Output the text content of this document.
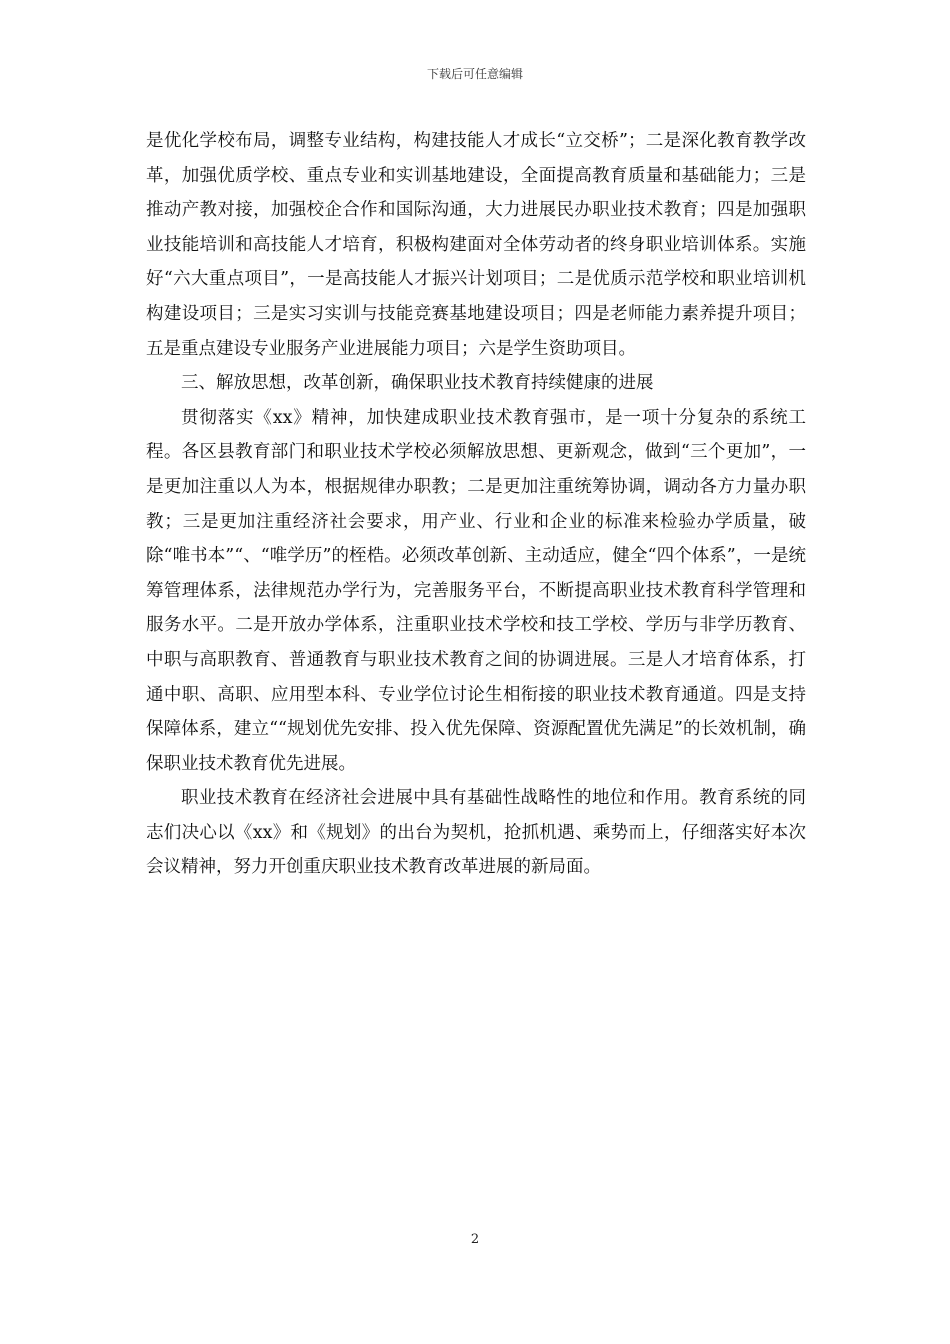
下载后可任意编辑

是优化学校布局，调整专业结构，构建技能人才成长“立交桥”；二是深化教育教学改革，加强优质学校、重点专业和实训基地建设，全面提高教育质量和基础能力；三是推动产教对接，加强校企合作和国际沟通，大力进展民办职业技术教育；四是加强职业技能培训和高技能人才培育，积极构建面对全体劳动者的终身职业培训体系。实施好“六大重点项目”，一是高技能人才振兴计划项目；二是优质示范学校和职业培训机构建设项目；三是实习实训与技能竞赛基地建设项目；四是老师能力素养提升项目；五是重点建设专业服务产业进展能力项目；六是学生资助项目。

三、解放思想，改革创新，确保职业技术教育持续健康的进展

贯彻落实《xx》精神，加快建成职业技术教育强市，是一项十分复杂的系统工程。各区县教育部门和职业技术学校必须解放思想、更新观念，做到“三个更加”，一是更加注重以人为本，根据规律办职教；二是更加注重统筹协调，调动各方力量办职教；三是更加注重经济社会要求，用产业、行业和企业的标准来检验办学质量，破除“唯书本”“、“唯学历”的桎梏。必须改革创新、主动适应，健全“四个体系”，一是统筹管理体系，法律规范办学行为，完善服务平台，不断提高职业技术教育科学管理和服务水平。二是开放办学体系，注重职业技术学校和技工学校、学历与非学历教育、中职与高职教育、普通教育与职业技术教育之间的协调进展。三是人才培育体系，打通中职、高职、应用型本科、专业学位讨论生相衔接的职业技术教育通道。四是支持保障体系，建立““规划优先安排、投入优先保障、资源配置优先满足”的长效机制，确保职业技术教育优先进展。

职业技术教育在经济社会进展中具有基础性战略性的地位和作用。教育系统的同志们决心以《xx》和《规划》的出台为契机，抢抓机遇、乘势而上，仔细落实好本次会议精神，努力开创重庆职业技术教育改革进展的新局面。

2
